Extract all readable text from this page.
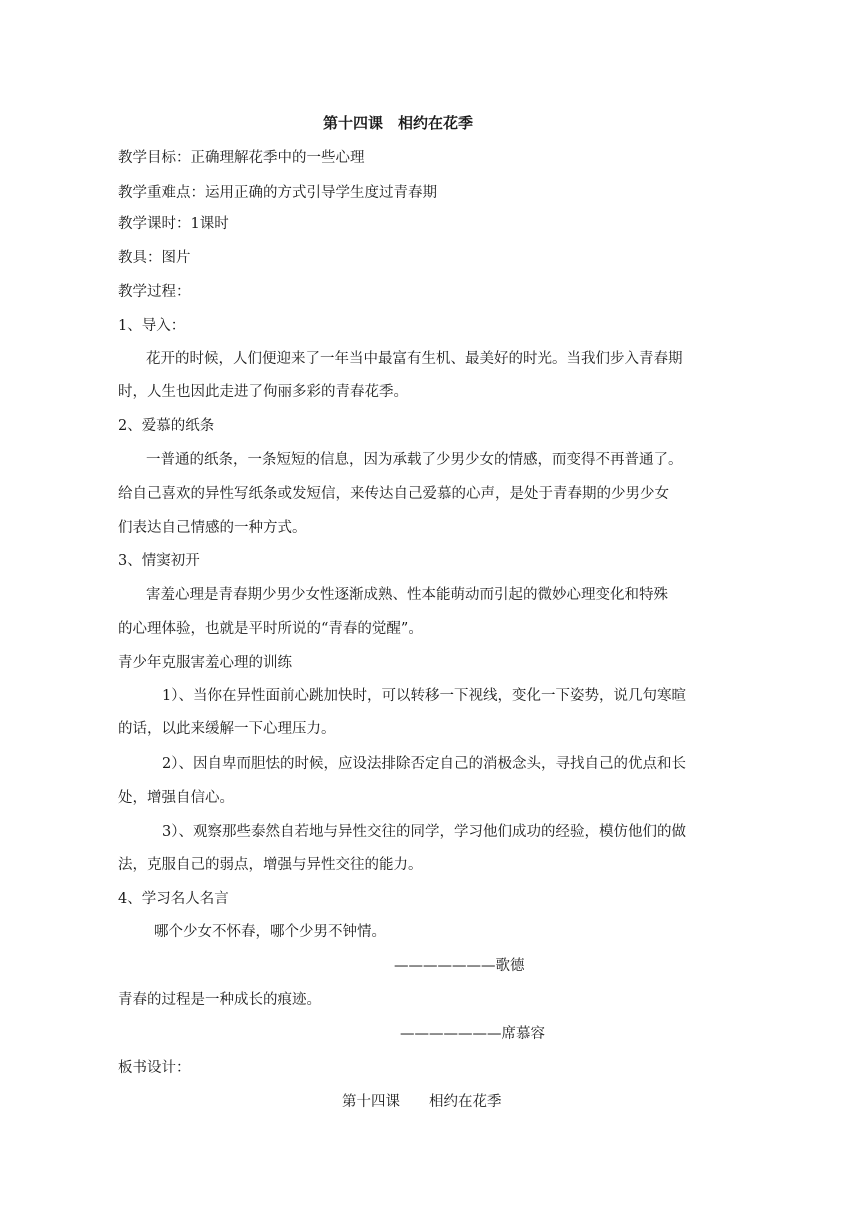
第十四课　相约在花季
教学目标：正确理解花季中的一些心理
教学重难点：运用正确的方式引导学生度过青春期
教学课时：1课时
教具：图片
教学过程：
1、导入：
花开的时候，人们便迎来了一年当中最富有生机、最美好的时光。当我们步入青春期
时，人生也因此走进了佝丽多彩的青春花季。
2、爱慕的纸条
一普通的纸条，一条短短的信息，因为承载了少男少女的情感，而变得不再普通了。
给自己喜欢的异性写纸条或发短信，来传达自己爱慕的心声，是处于青春期的少男少女
们表达自己情感的一种方式。
3、情窦初开
害羞心理是青春期少男少女性逐渐成熟、性本能萌动而引起的微妙心理变化和特殊
的心理体验，也就是平时所说的“青春的觉醒”。
青少年克服害羞心理的训练
1）、当你在异性面前心跳加快时，可以转移一下视线，变化一下姿势，说几句寒暄
的话，以此来缓解一下心理压力。
2）、因自卑而胆怯的时候，应设法排除否定自己的消极念头，寻找自己的优点和长
处，增强自信心。
3）、观察那些泰然自若地与异性交往的同学，学习他们成功的经验，模仿他们的做
法，克服自己的弱点，增强与异性交往的能力。
4、学习名人名言
哪个少女不怀春，哪个少男不钟情。
———————歌德
青春的过程是一种成长的痕迹。
———————席慕容
板书设计：
第十四课　　相约在花季
